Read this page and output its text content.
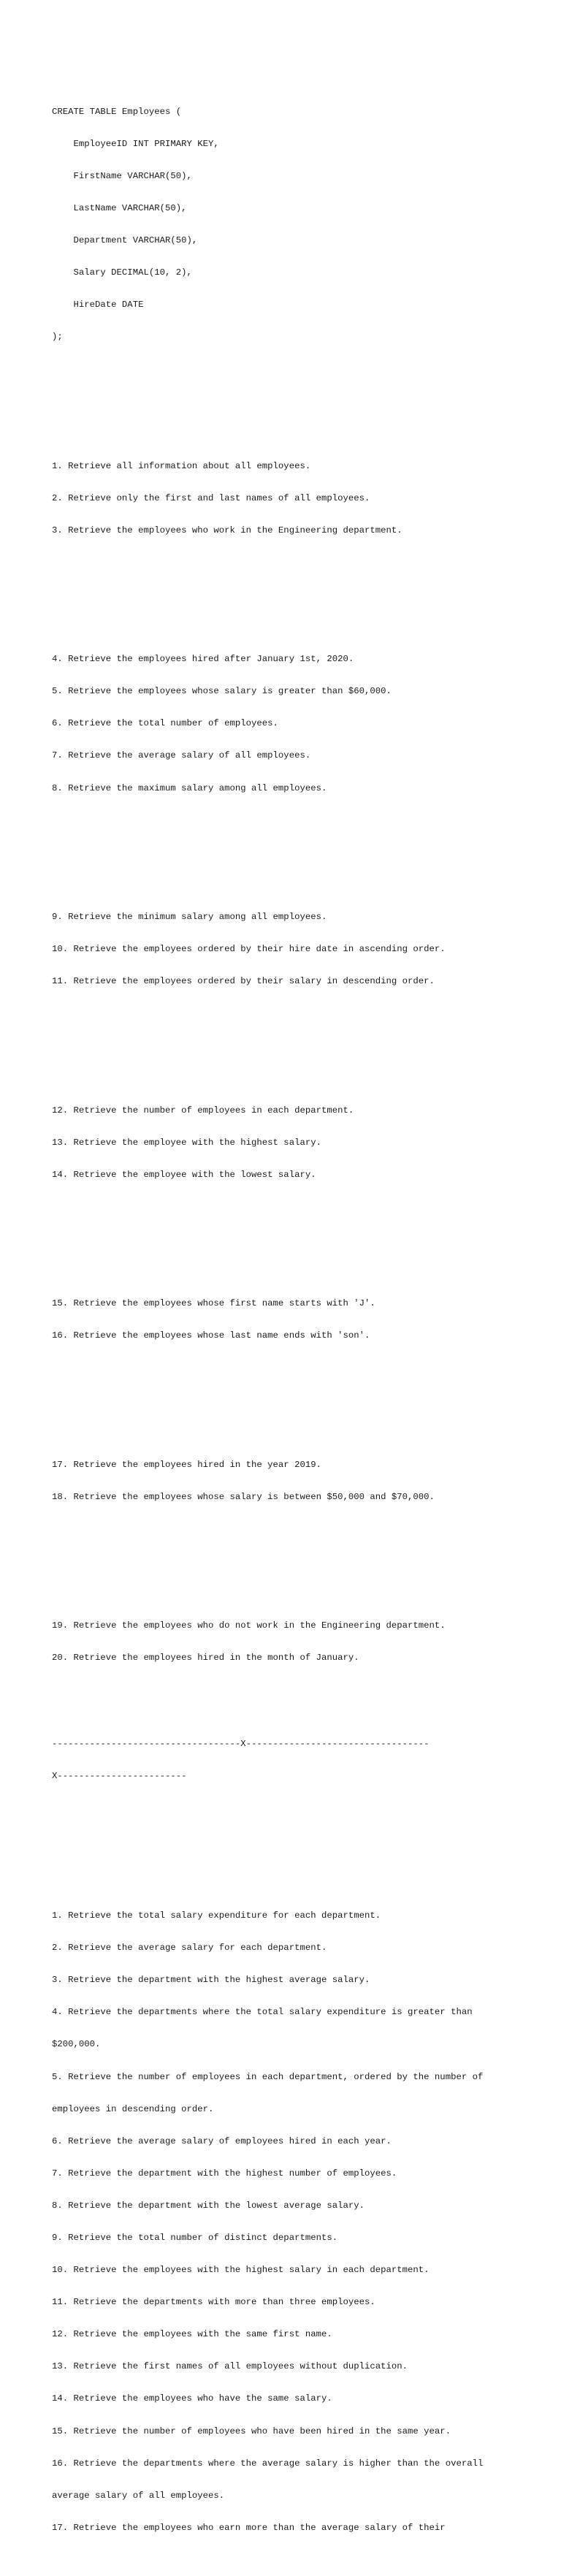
CREATE TABLE Employees (

EmployeeID INT PRIMARY KEY,

FirstName VARCHAR(50),

LastName VARCHAR(50),

Department VARCHAR(50),

Salary DECIMAL(10, 2),

HireDate DATE

);

1. Retrieve all information about all employees.

2. Retrieve only the first and last names of all employees.

3. Retrieve the employees who work in the Engineering department.

4. Retrieve the employees hired after January 1st, 2020.

5. Retrieve the employees whose salary is greater than $60,000.

6. Retrieve the total number of employees.

7. Retrieve the average salary of all employees.

8. Retrieve the maximum salary among all employees.

9. Retrieve the minimum salary among all employees.

10. Retrieve the employees ordered by their hire date in ascending order.

11. Retrieve the employees ordered by their salary in descending order.

12. Retrieve the number of employees in each department.

13. Retrieve the employee with the highest salary.

14. Retrieve the employee with the lowest salary.

15. Retrieve the employees whose first name starts with 'J'.

16. Retrieve the employees whose last name ends with 'son'.

17. Retrieve the employees hired in the year 2019.

18. Retrieve the employees whose salary is between $50,000 and $70,000.

19. Retrieve the employees who do not work in the Engineering department.

20. Retrieve the employees hired in the month of January.

-----------------------------------X----------------------------------

X------------------------

1. Retrieve the total salary expenditure for each department.

2. Retrieve the average salary for each department.

3. Retrieve the department with the highest average salary.

4. Retrieve the departments where the total salary expenditure is greater than

$200,000.

5. Retrieve the number of employees in each department, ordered by the number of

employees in descending order.

6. Retrieve the average salary of employees hired in each year.

7. Retrieve the department with the highest number of employees.

8. Retrieve the department with the lowest average salary.

9. Retrieve the total number of distinct departments.

10. Retrieve the employees with the highest salary in each department.

11. Retrieve the departments with more than three employees.

12. Retrieve the employees with the same first name.

13. Retrieve the first names of all employees without duplication.

14. Retrieve the employees who have the same salary.

15. Retrieve the number of employees who have been hired in the same year.

16. Retrieve the departments where the average salary is higher than the overall

average salary of all employees.

17. Retrieve the employees who earn more than the average salary of their
